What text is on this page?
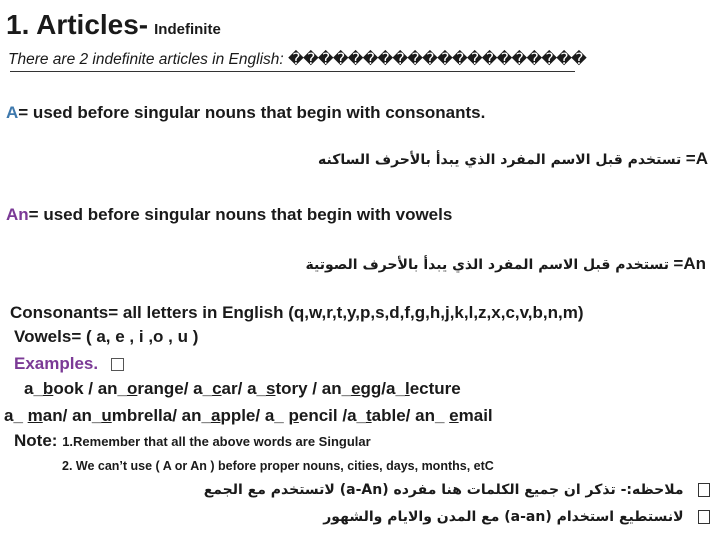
1. Articles- Indefinite
There are 2 indefinite articles in English: ��������������������
A= used before singular nouns that begin with consonants.
تستخدم قبل الاسم المفرد الذي يبدأ بالأحرف الساكنه =A
An= used before singular nouns that begin with vowels
تستخدم قبل الاسم المفرد الذي يبدأ بالأحرف الصوتية =An
Consonants= all letters in English (q,w,r,t,y,p,s,d,f,g,h,j,k,l,z,x,c,v,b,n,m)
Vowels= ( a, e , i ,o , u )
Examples.
a_book / an_orange/ a_car/ a_story / an_egg/a_lecture
a_ man/ an_umbrella/ an_apple/ a_ pencil /a_table/ an_ email
Note: 1.Remember that all the above words are Singular
2. We can’t use ( A or An ) before proper nouns, cities, days, months, etC
ملاحظه:- تذكر ان جميع الكلمات هنا مفرده (a-An) لاتستخدم مع الجمع
لانستطيع استخدام (a-an) مع المدن والايام والشهور
